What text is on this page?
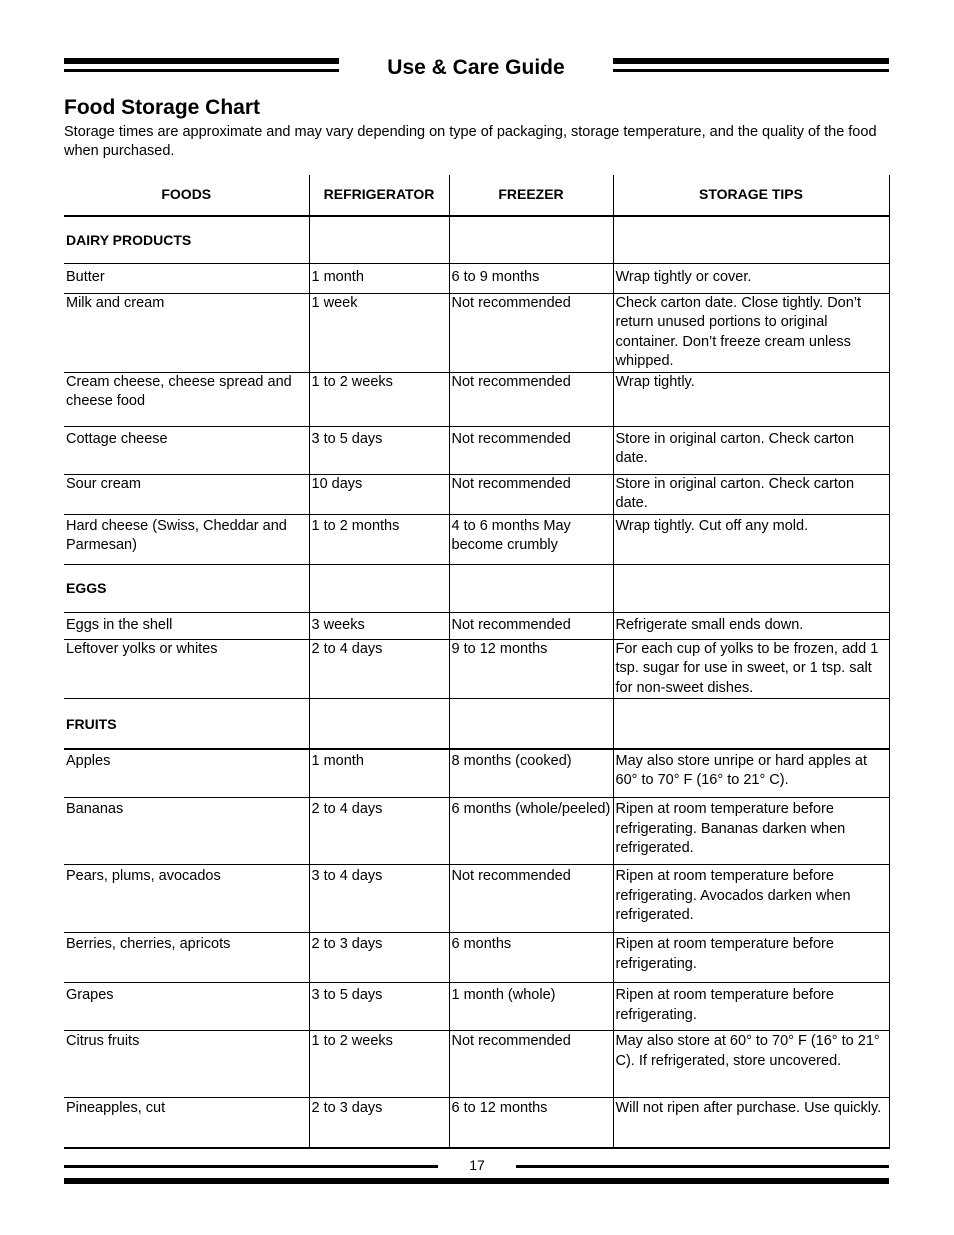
Use & Care Guide
Food Storage Chart

Storage times are approximate and may vary depending on type of packaging, storage temperature, and the quality of the food when purchased.

FOODS	REFRIGERATOR	FREEZER	STORAGE TIPS
DAIRY PRODUCTS			
Butter	1 month	6 to 9 months	Wrap tightly or cover.
Milk and cream	1 week	Not recommended	Check carton date. Close tightly. Don’t return unused portions to original container. Don’t freeze cream unless whipped.
Cream cheese, cheese spread and cheese food	1 to 2 weeks	Not recommended	Wrap tightly.
Cottage cheese	3 to 5 days	Not recommended	Store in original carton. Check carton date.
Sour cream	10 days	Not recommended	Store in original carton. Check carton date.
Hard cheese (Swiss, Cheddar and Parmesan)	1 to 2 months	4 to 6 months May become crumbly	Wrap tightly. Cut off any mold.
EGGS			
Eggs in the shell	3 weeks	Not recommended	Refrigerate small ends down.
Leftover yolks or whites	2 to 4 days	9 to 12 months	For each cup of yolks to be frozen, add 1 tsp. sugar for use in sweet, or 1 tsp. salt for non-sweet dishes.
FRUITS			
Apples	1 month	8 months (cooked)	May also store unripe or hard apples at 60° to 70° F (16° to 21° C).
Bananas	2 to 4 days	6 months (whole/peeled)	Ripen at room temperature before refrigerating. Bananas darken when refrigerated.
Pears, plums, avocados	3 to 4 days	Not recommended	Ripen at room temperature before refrigerating. Avocados darken when refrigerated.
Berries, cherries, apricots	2 to 3 days	6 months	Ripen at room temperature before refrigerating.
Grapes	3 to 5 days	1 month (whole)	Ripen at room temperature before refrigerating.
Citrus fruits	1 to 2 weeks	Not recommended	May also store at 60° to 70° F (16° to 21° C). If refrigerated, store uncovered.
Pineapples, cut	2 to 3 days	6 to 12 months	Will not ripen after purchase. Use quickly.
17
